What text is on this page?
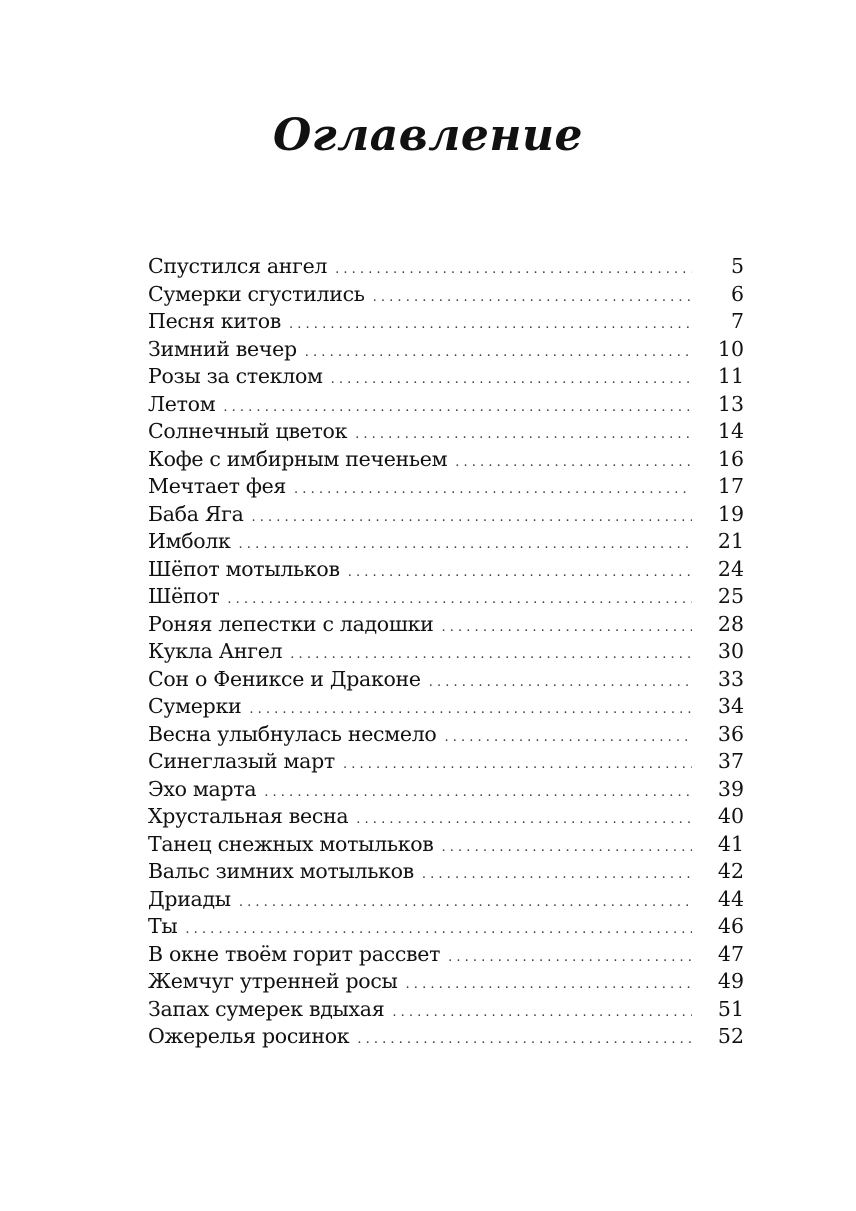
Оглавление
Спустился ангел . . .	5
Сумерки сгустились . . .	6
Песня китов . . .	7
Зимний вечер . . .	10
Розы за стеклом . . .	11
Летом . . .	13
Солнечный цветок . . .	14
Кофе с имбирным печеньем . . .	16
Мечтает фея . . .	17
Баба Яга . . .	19
Имболк . . .	21
Шёпот мотыльков . . .	24
Шёпот . . .	25
Роняя лепестки с ладошки . . .	28
Кукла Ангел . . .	30
Сон о Фениксе и Драконе . . .	33
Сумерки . . .	34
Весна улыбнулась несмело . . .	36
Синеглазый март . . .	37
Эхо марта . . .	39
Хрустальная весна . . .	40
Танец снежных мотыльков . . .	41
Вальс зимних мотыльков . . .	42
Дриады . . .	44
Ты . . .	46
В окне твоём горит рассвет . . .	47
Жемчуг утренней росы . . .	49
Запах сумерек вдыхая . . .	51
Ожерелья росинок . . .	52
